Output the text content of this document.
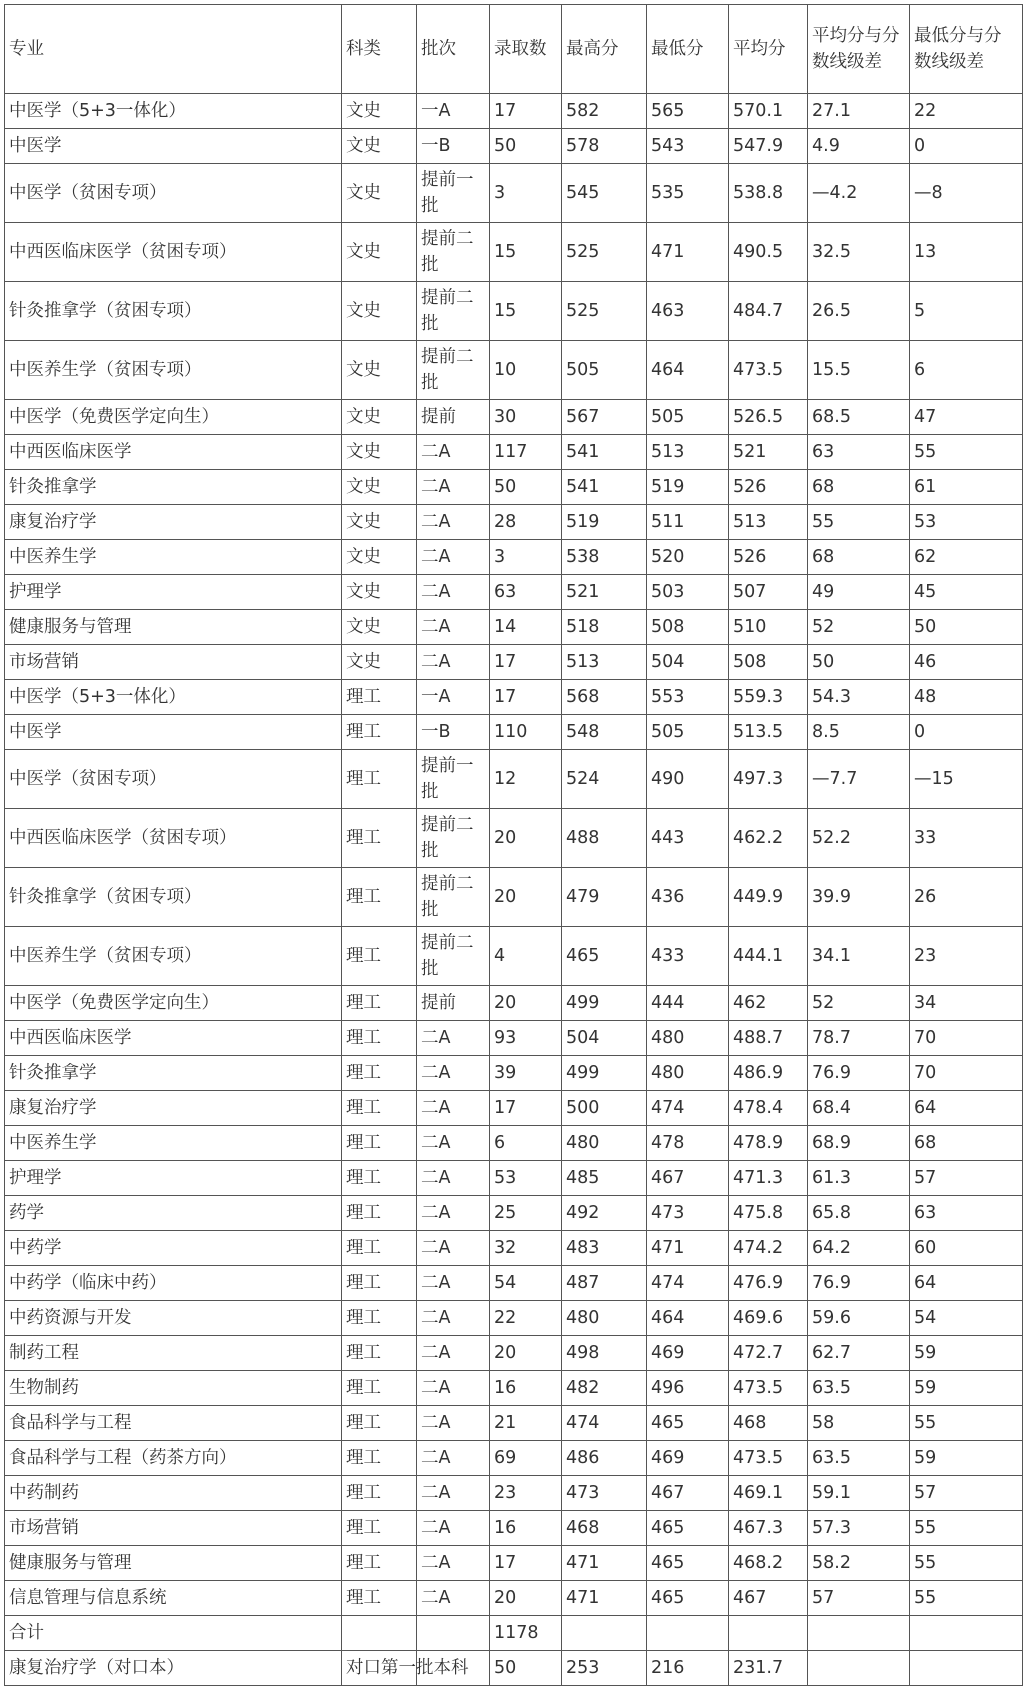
专业	科类	批次	录取数	最高分	最低分	平均分	平均分与分数线级差	最低分与分数线级差
中医学（5+3一体化）	文史	一A	17	582	565	570.1	27.1	22
中医学	文史	一B	50	578	543	547.9	4.9	0
中医学（贫困专项）	文史	提前一批	3	545	535	538.8	—4.2	—8
中西医临床医学（贫困专项）	文史	提前二批	15	525	471	490.5	32.5	13
针灸推拿学（贫困专项）	文史	提前二批	15	525	463	484.7	26.5	5
中医养生学（贫困专项）	文史	提前二批	10	505	464	473.5	15.5	6
中医学（免费医学定向生）	文史	提前	30	567	505	526.5	68.5	47
中西医临床医学	文史	二A	117	541	513	521	63	55
针灸推拿学	文史	二A	50	541	519	526	68	61
康复治疗学	文史	二A	28	519	511	513	55	53
中医养生学	文史	二A	3	538	520	526	68	62
护理学	文史	二A	63	521	503	507	49	45
健康服务与管理	文史	二A	14	518	508	510	52	50
市场营销	文史	二A	17	513	504	508	50	46
中医学（5+3一体化）	理工	一A	17	568	553	559.3	54.3	48
中医学	理工	一B	110	548	505	513.5	8.5	0
中医学（贫困专项）	理工	提前一批	12	524	490	497.3	—7.7	—15
中西医临床医学（贫困专项）	理工	提前二批	20	488	443	462.2	52.2	33
针灸推拿学（贫困专项）	理工	提前二批	20	479	436	449.9	39.9	26
中医养生学（贫困专项）	理工	提前二批	4	465	433	444.1	34.1	23
中医学（免费医学定向生）	理工	提前	20	499	444	462	52	34
中西医临床医学	理工	二A	93	504	480	488.7	78.7	70
针灸推拿学	理工	二A	39	499	480	486.9	76.9	70
康复治疗学	理工	二A	17	500	474	478.4	68.4	64
中医养生学	理工	二A	6	480	478	478.9	68.9	68
护理学	理工	二A	53	485	467	471.3	61.3	57
药学	理工	二A	25	492	473	475.8	65.8	63
中药学	理工	二A	32	483	471	474.2	64.2	60
中药学（临床中药）	理工	二A	54	487	474	476.9	76.9	64
中药资源与开发	理工	二A	22	480	464	469.6	59.6	54
制药工程	理工	二A	20	498	469	472.7	62.7	59
生物制药	理工	二A	16	482	496	473.5	63.5	59
食品科学与工程	理工	二A	21	474	465	468	58	55
食品科学与工程（药茶方向）	理工	二A	69	486	469	473.5	63.5	59
中药制药	理工	二A	23	473	467	469.1	59.1	57
市场营销	理工	二A	16	468	465	467.3	57.3	55
健康服务与管理	理工	二A	17	471	465	468.2	58.2	55
信息管理与信息系统	理工	二A	20	471	465	467	57	55
合计			1178					
康复治疗学（对口本）	对口第一批本科		50	253	216	231.7		
